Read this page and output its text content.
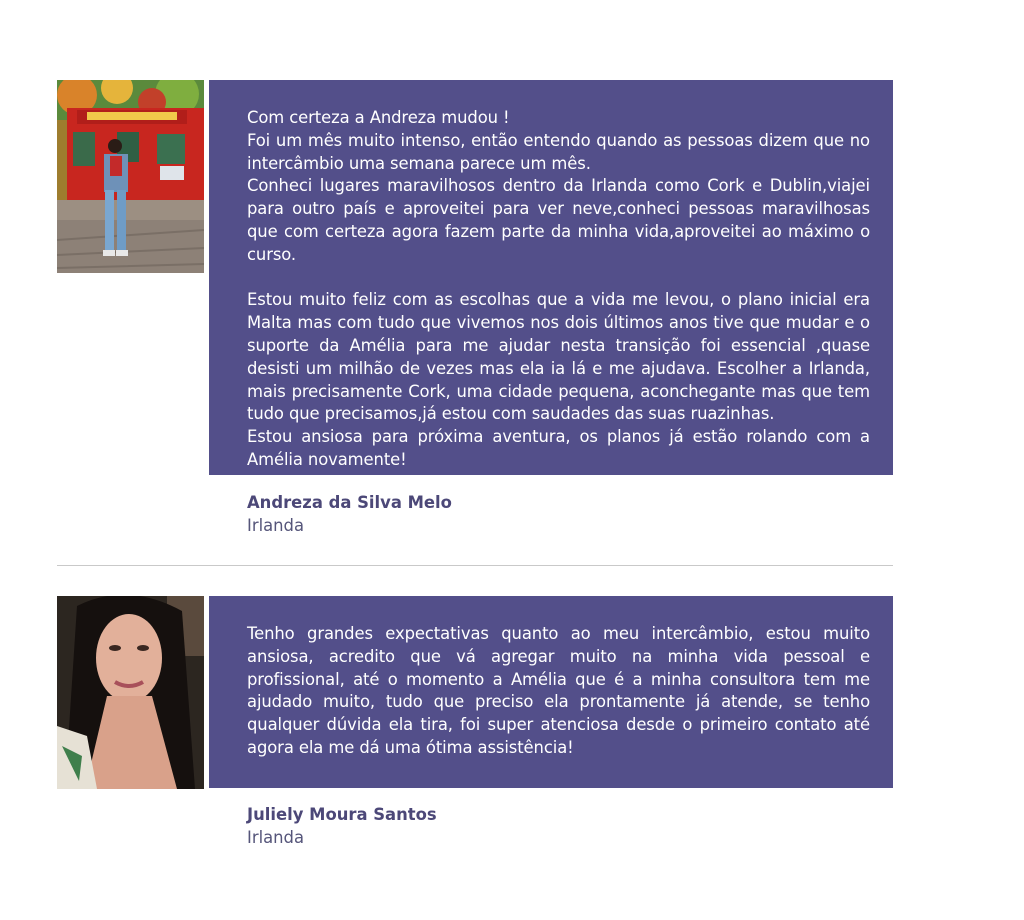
Com certeza a Andreza mudou !
Foi um mês muito intenso, então entendo quando as pessoas dizem que no intercâmbio uma semana parece um mês.
Conheci lugares maravilhosos dentro da Irlanda como Cork e Dublin,viajei para outro país e aproveitei para ver neve,conheci pessoas maravilhosas que com certeza agora fazem parte da minha vida,aproveitei ao máximo o curso.

Estou muito feliz com as escolhas que a vida me levou, o plano inicial era Malta mas com tudo que vivemos nos dois últimos anos tive que mudar e o suporte da Amélia para me ajudar nesta transição foi essencial ,quase desisti um milhão de vezes mas ela ia lá e me ajudava. Escolher a Irlanda, mais precisamente Cork, uma cidade pequena, aconchegante mas que tem tudo que precisamos,já estou com saudades das suas ruazinhas.
Estou ansiosa para próxima aventura, os planos já estão rolando com a Amélia novamente!
Andreza da Silva Melo
Irlanda
Tenho grandes expectativas quanto ao meu intercâmbio, estou muito ansiosa, acredito que vá agregar muito na minha vida pessoal e profissional, até o momento a Amélia que é a minha consultora tem me ajudado muito, tudo que preciso ela prontamente já atende, se tenho qualquer dúvida ela tira, foi super atenciosa desde o primeiro contato até agora ela me dá uma ótima assistência!
Juliely Moura Santos
Irlanda
